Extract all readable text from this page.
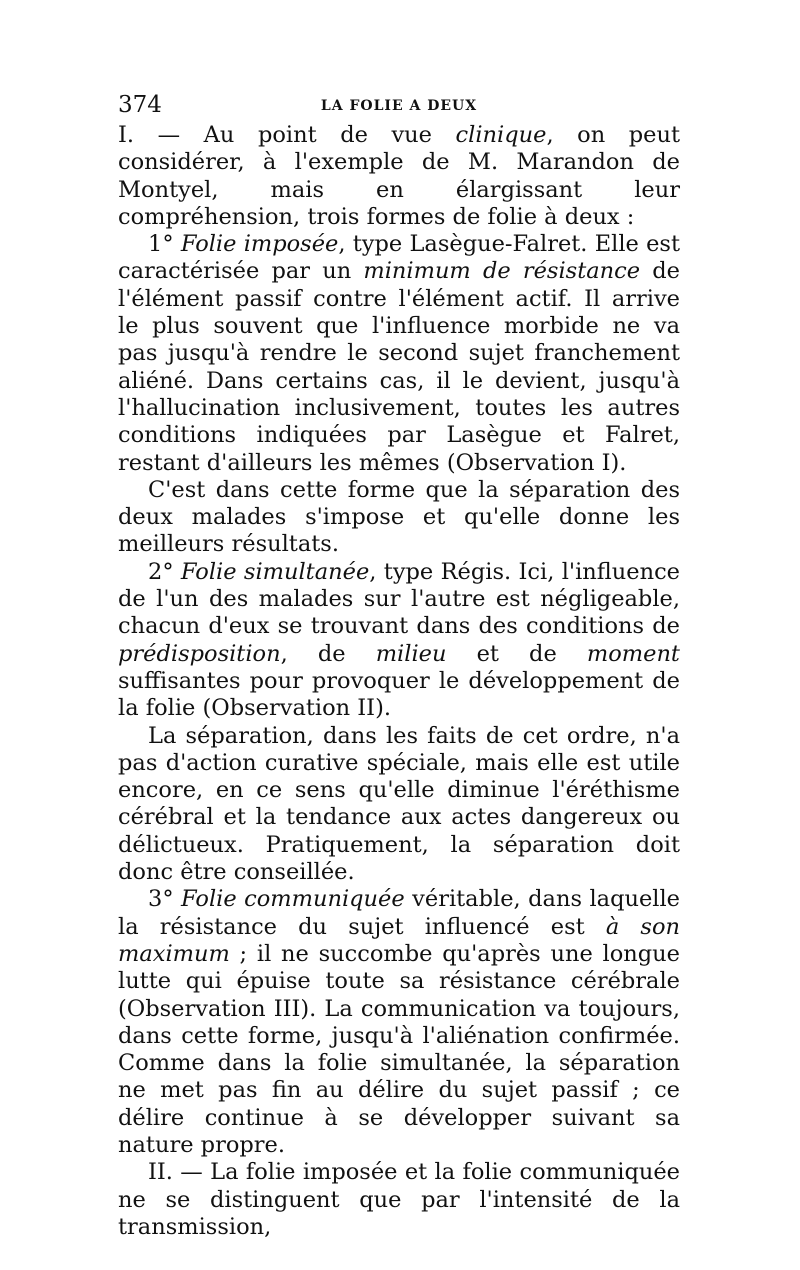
374	LA FOLIE A DEUX

I. — Au point de vue clinique, on peut considérer, à l'exemple de M. Marandon de Montyel, mais en élargissant leur compréhension, trois formes de folie à deux :

1° Folie imposée, type Lasègue-Falret. Elle est caractérisée par un minimum de résistance de l'élément passif contre l'élément actif. Il arrive le plus souvent que l'influence morbide ne va pas jusqu'à rendre le second sujet franchement aliéné. Dans certains cas, il le devient, jusqu'à l'hallucination inclusivement, toutes les autres conditions indiquées par Lasègue et Falret, restant d'ailleurs les mêmes (Observation I).

C'est dans cette forme que la séparation des deux malades s'impose et qu'elle donne les meilleurs résultats.

2° Folie simultanée, type Régis. Ici, l'influence de l'un des malades sur l'autre est négligeable, chacun d'eux se trouvant dans des conditions de prédisposition, de milieu et de moment suffisantes pour provoquer le développement de la folie (Observation II).

La séparation, dans les faits de cet ordre, n'a pas d'action curative spéciale, mais elle est utile encore, en ce sens qu'elle diminue l'éréthisme cérébral et la tendance aux actes dangereux ou délictueux. Pratiquement, la séparation doit donc être conseillée.

3° Folie communiquée véritable, dans laquelle la résistance du sujet influencé est à son maximum ; il ne succombe qu'après une longue lutte qui épuise toute sa résistance cérébrale (Observation III). La communication va toujours, dans cette forme, jusqu'à l'aliénation confirmée. Comme dans la folie simultanée, la séparation ne met pas fin au délire du sujet passif ; ce délire continue à se développer suivant sa nature propre.

II. — La folie imposée et la folie communiquée ne se distinguent que par l'intensité de la transmission,
